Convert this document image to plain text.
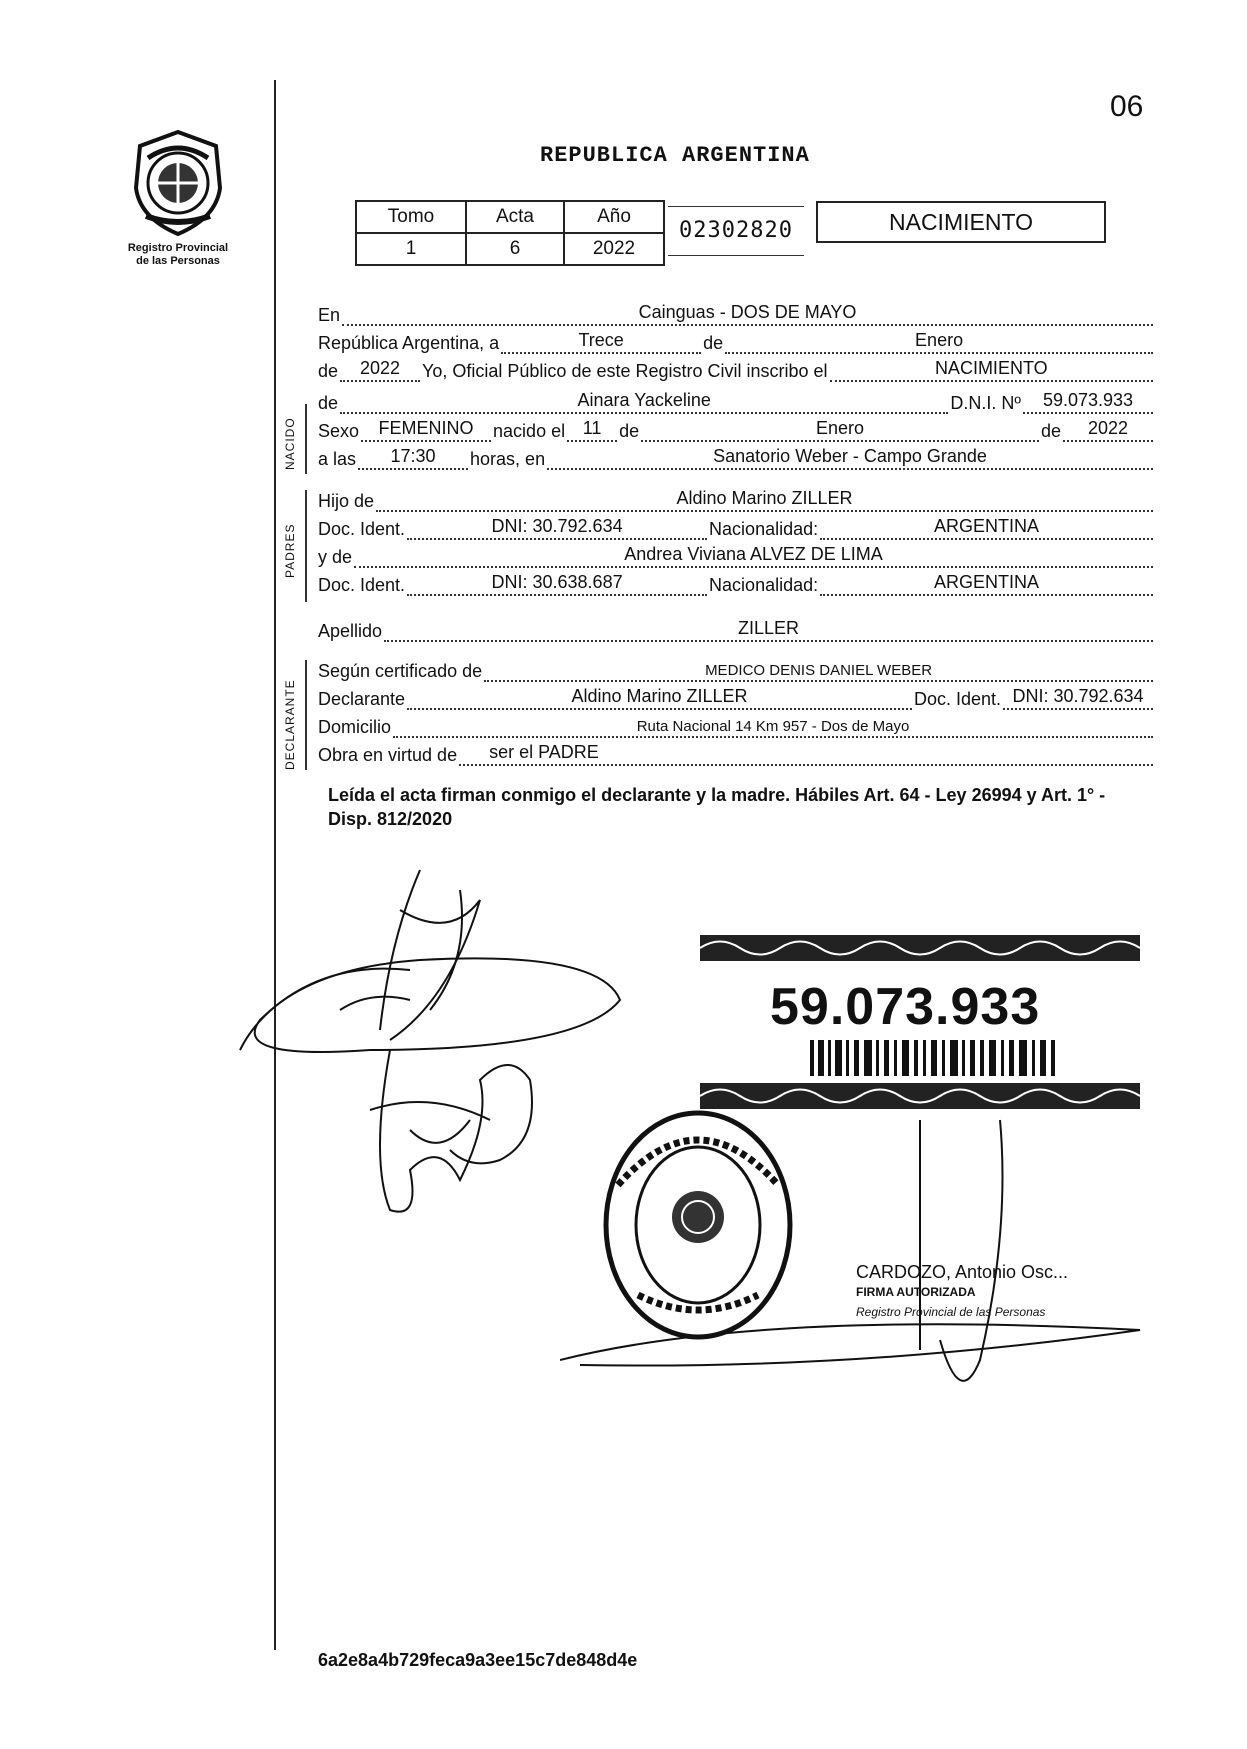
06
Registro Provincial
de las Personas
REPUBLICA ARGENTINA
Tomo	Acta	Año
1	6	2022
02302820	NACIMIENTO
En	Cainguas - DOS DE MAYO
República Argentina, a	Trece	de	Enero
de	2022	Yo, Oficial Público de este Registro Civil inscribo el	NACIMIENTO
NACIDO
de	Ainara Yackeline	D.N.I. Nº	59.073.933
Sexo	FEMENINO	nacido el 11 de	Enero	de	2022
a las	17:30	horas, en	Sanatorio Weber - Campo Grande
PADRES
Hijo de	Aldino Marino ZILLER
Doc. Ident.	DNI: 30.792.634	Nacionalidad:	ARGENTINA
y de	Andrea Viviana ALVEZ DE LIMA
Doc. Ident.	DNI: 30.638.687	Nacionalidad:	ARGENTINA
Apellido	ZILLER
DECLARANTE
Según certificado de	MEDICO DENIS DANIEL WEBER
Declarante	Aldino Marino ZILLER	Doc. Ident. DNI: 30.792.634
Domicilio	Ruta Nacional 14 Km 957 - Dos de Mayo
Obra en virtud de	ser el PADRE
Leída el acta firman conmigo el declarante y la madre. Hábiles Art. 64 - Ley 26994 y Art. 1° - Disp. 812/2020
59.073.933
CARDOZO, Antonio Osc...
FIRMA AUTORIZADA
Registro Provincial de las Personas
6a2e8a4b729feca9a3ee15c7de848d4e
